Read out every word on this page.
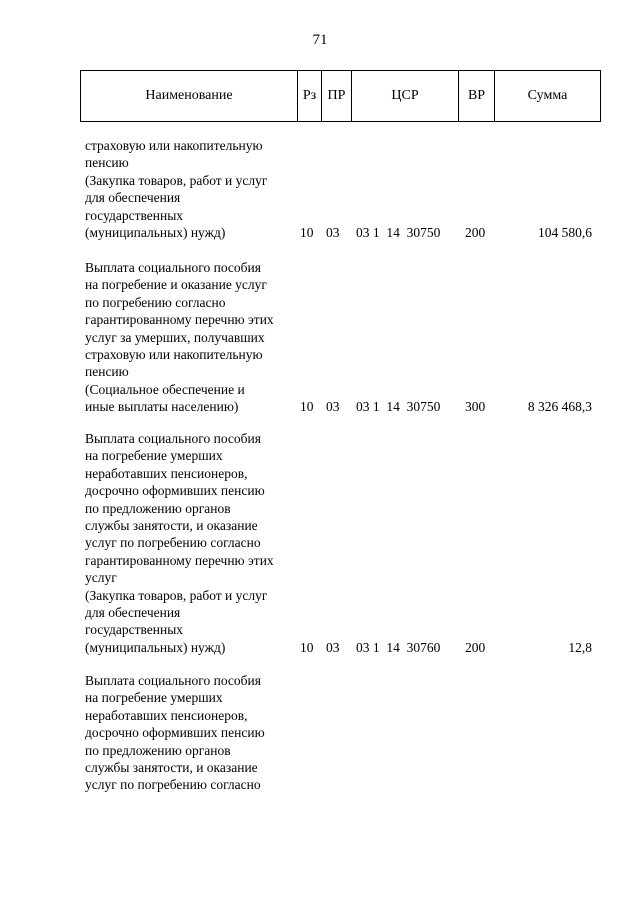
71
Наименование	Рз	ПР	ЦСР	ВР	Сумма
страховую или накопительную
пенсию
(Закупка товаров, работ и услуг
для обеспечения
государственных
(муниципальных) нужд)	10 03	03 1  14  30750	200	104 580,6
Выплата социального пособия
на погребение и оказание услуг
по погребению согласно
гарантированному перечню этих
услуг за умерших, получавших
страховую или накопительную
пенсию
(Социальное обеспечение и
иные выплаты населению)	10 03	03 1  14  30750	300	8 326 468,3
Выплата социального пособия
на погребение умерших
неработавших пенсионеров,
досрочно оформивших пенсию
по предложению органов
службы занятости, и оказание
услуг по погребению согласно
гарантированному перечню этих
услуг
(Закупка товаров, работ и услуг
для обеспечения
государственных
(муниципальных) нужд)	10 03	03 1  14  30760	200	12,8
Выплата социального пособия
на погребение умерших
неработавших пенсионеров,
досрочно оформивших пенсию
по предложению органов
службы занятости, и оказание
услуг по погребению согласно
